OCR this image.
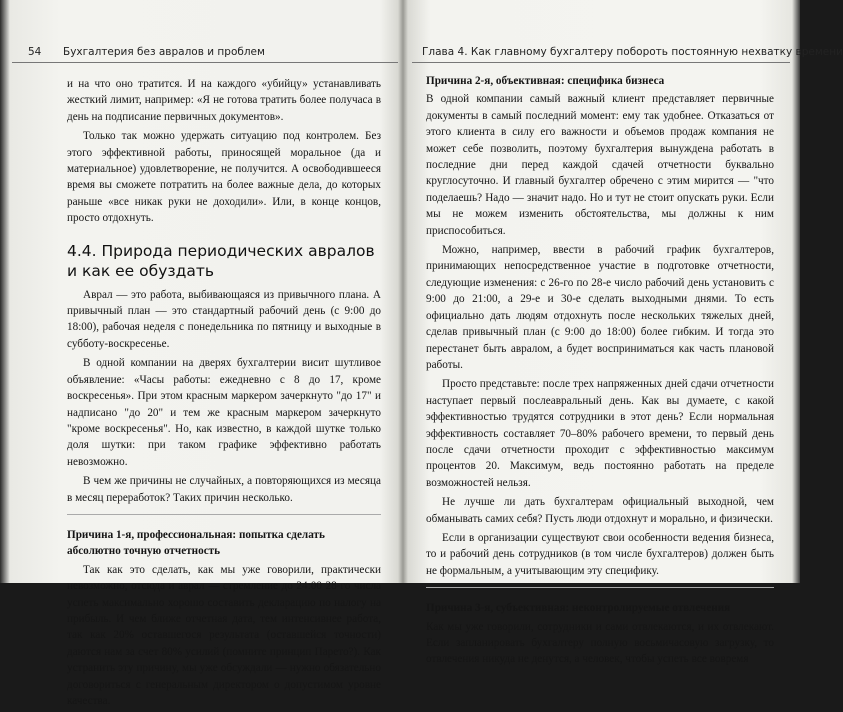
54 Бухгалтерия без авралов и проблем

и на что оно тратится. И на каждого «убийцу» устанавливать жесткий лимит, например: «Я не готова тратить более получаса в день на подписание первичных документов».

Только так можно удержать ситуацию под контролем. Без этого эффективной работы, приносящей моральное (да и материальное) удовлетворение, не получится. А освободившееся время вы сможете потратить на более важные дела, до которых раньше «все никак руки не доходили». Или, в конце концов, просто отдохнуть.

4.4. Природа периодических авралов и как ее обуздать

Аврал — это работа, выбивающаяся из привычного плана. А привычный план — это стандартный рабочий день (с 9:00 до 18:00), рабочая неделя с понедельника по пятницу и выходные в субботу-воскресенье.

В одной компании на дверях бухгалтерии висит шутливое объявление: «Часы работы: ежедневно с 8 до 17, кроме воскресенья». При этом красным маркером зачеркнуто "до 17" и надписано "до 20" и тем же красным маркером зачеркнуто "кроме воскресенья". Но, как известно, в каждой шутке только доля шутки: при таком графике эффективно работать невозможно.

В чем же причины не случайных, а повторяющихся из месяца в месяц переработок? Таких причин несколько.

Причина 1-я, профессиональная: попытка сделать абсолютно точную отчетность

Так как это сделать, как мы уже говорили, практически невозможно, отсюда и аврал — стремление до 24:00 28-го числа успеть максимально хорошо составить декларацию по налогу на прибыль. И чем ближе отчетная дата, тем интенсивнее работа, так как 20% оставшегося результата (оставшейся точности) даются нам за счет 80% усилий (помните принцип Парето?). Как устранить эту причину, мы уже обсуждали — нужно обязательно договориться с генеральным директором о допустимом уровне качества.

Глава 4. Как главному бухгалтеру побороть постоянную нехватку времени

Причина 2-я, объективная: специфика бизнеса

В одной компании самый важный клиент представляет первичные документы в самый последний момент: ему так удобнее. Отказаться от этого клиента в силу его важности и объемов продаж компания не может себе позволить, поэтому бухгалтерия вынуждена работать в последние дни перед каждой сдачей отчетности буквально круглосуточно. И главный бухгалтер обречено с этим мирится — "что поделаешь? Надо — значит надо. Но и тут не стоит опускать руки. Если мы не можем изменить обстоятельства, мы должны к ним приспособиться.

Можно, например, ввести в рабочий график бухгалтеров, принимающих непосредственное участие в подготовке отчетности, следующие изменения: с 26-го по 28-е число рабочий день установить с 9:00 до 21:00, а 29-е и 30-е сделать выходными днями. То есть официально дать людям отдохнуть после нескольких тяжелых дней, сделав привычный план (с 9:00 до 18:00) более гибким. И тогда это перестанет быть авралом, а будет восприниматься как часть плановой работы.

Просто представьте: после трех напряженных дней сдачи отчетности наступает первый послеавральный день. Как вы думаете, с какой эффективностью трудятся сотрудники в этот день? Если нормальная эффективность составляет 70–80% рабочего времени, то первый день после сдачи отчетности проходит с эффективностью максимум процентов 20. Максимум, ведь постоянно работать на пределе возможностей нельзя.

Не лучше ли дать бухгалтерам официальный выходной, чем обманывать самих себя? Пусть люди отдохнут и морально, и физически.

Если в организации существуют свои особенности ведения бизнеса, то и рабочий день сотрудников (в том числе бухгалтеров) должен быть не формальным, а учитывающим эту специфику.

Причина 3-я, субъективная: неконтролируемые отвлечения

Как мы уже говорили, сотрудники и сами отвлекаются, и их отвлекают. Если запланировать бухгалтеру полную восьмичасовую загрузку, то отвлечения никуда не денутся, а человек, чтобы успеть все вовремя
